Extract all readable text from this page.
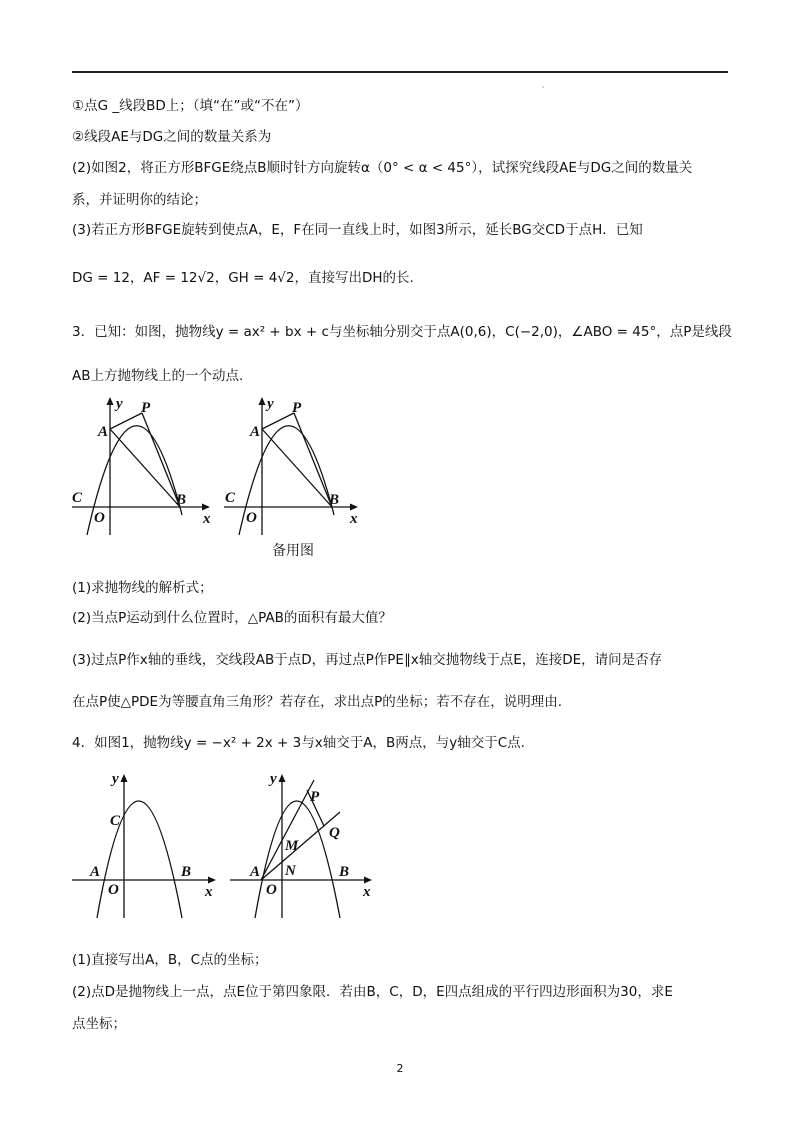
'
①点G _线段BD上；（填“在”或“不在”）
②线段AE与DG之间的数量关系为
(2)如图2，将正方形BFGE绕点B顺时针方向旋转α（0° < α < 45°），试探究线段AE与DG之间的数量关
系，并证明你的结论；
(3)若正方形BFGE旋转到使点A，E，F在同一直线上时，如图3所示，延长BG交CD于点H．已知
DG = 12，AF = 12√2，GH = 4√2，直接写出DH的长.
3．已知：如图，抛物线y = ax² + bx + c与坐标轴分别交于点A(0,6)，C(−2,0)，∠ABO = 45°，点P是线段
AB上方抛物线上的一个动点.
y P
A
C	B
O	x
y P
A
C	B
O	x
备用图
(1)求抛物线的解析式；
(2)当点P运动到什么位置时，△PAB的面积有最大值？
(3)过点P作x轴的垂线，交线段AB于点D，再过点P作PE∥x轴交抛物线于点E，连接DE，请问是否存
在点P使△PDE为等腰直角三角形？若存在，求出点P的坐标；若不存在，说明理由.
4．如图1，抛物线y = −x² + 2x + 3与x轴交于A，B两点，与y轴交于C点.
y
C
A
O
B
x
y
P
Q
M
N
A
O
B
x
(1)直接写出A，B，C点的坐标；
(2)点D是抛物线上一点，点E位于第四象限．若由B，C，D，E四点组成的平行四边形面积为30，求E
点坐标；
2
